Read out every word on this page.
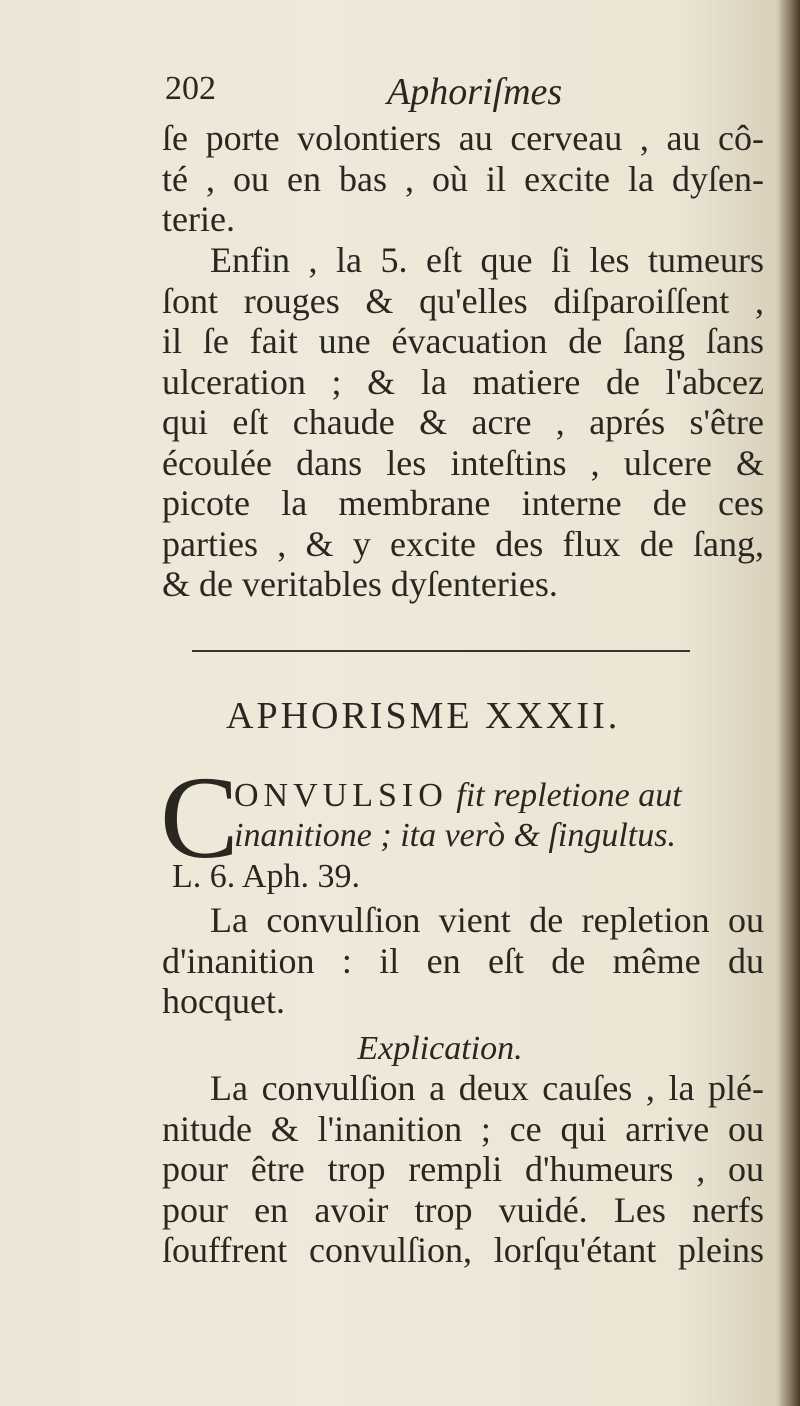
202	Aphoriſmes
ſe porte volontiers au cerveau , au cô-
té , ou en bas , où il excite la dyſen-
terie.
Enfin , la 5. eſt que ſi les tumeurs
ſont rouges & qu'elles diſparoiſſent ,
il ſe fait une évacuation de ſang ſans
ulceration ; & la matiere de l'abcez
qui eſt chaude & acre , aprés s'être
écoulée dans les inteſtins , ulcere &
picote la membrane interne de ces
parties , & y excite des flux de ſang,
& de veritables dyſenteries.
APHORISME XXXII.
C
ONVULSIO fit repletione aut
inanitione ; ita verò & ſingultus.
L. 6. Aph. 39.
La convulſion vient de repletion ou
d'inanition : il en eſt de même du
hocquet.
Explication.
La convulſion a deux cauſes , la plé-
nitude & l'inanition ; ce qui arrive ou
pour être trop rempli d'humeurs , ou
pour en avoir trop vuidé. Les nerfs
ſouffrent convulſion, lorſqu'étant pleins
